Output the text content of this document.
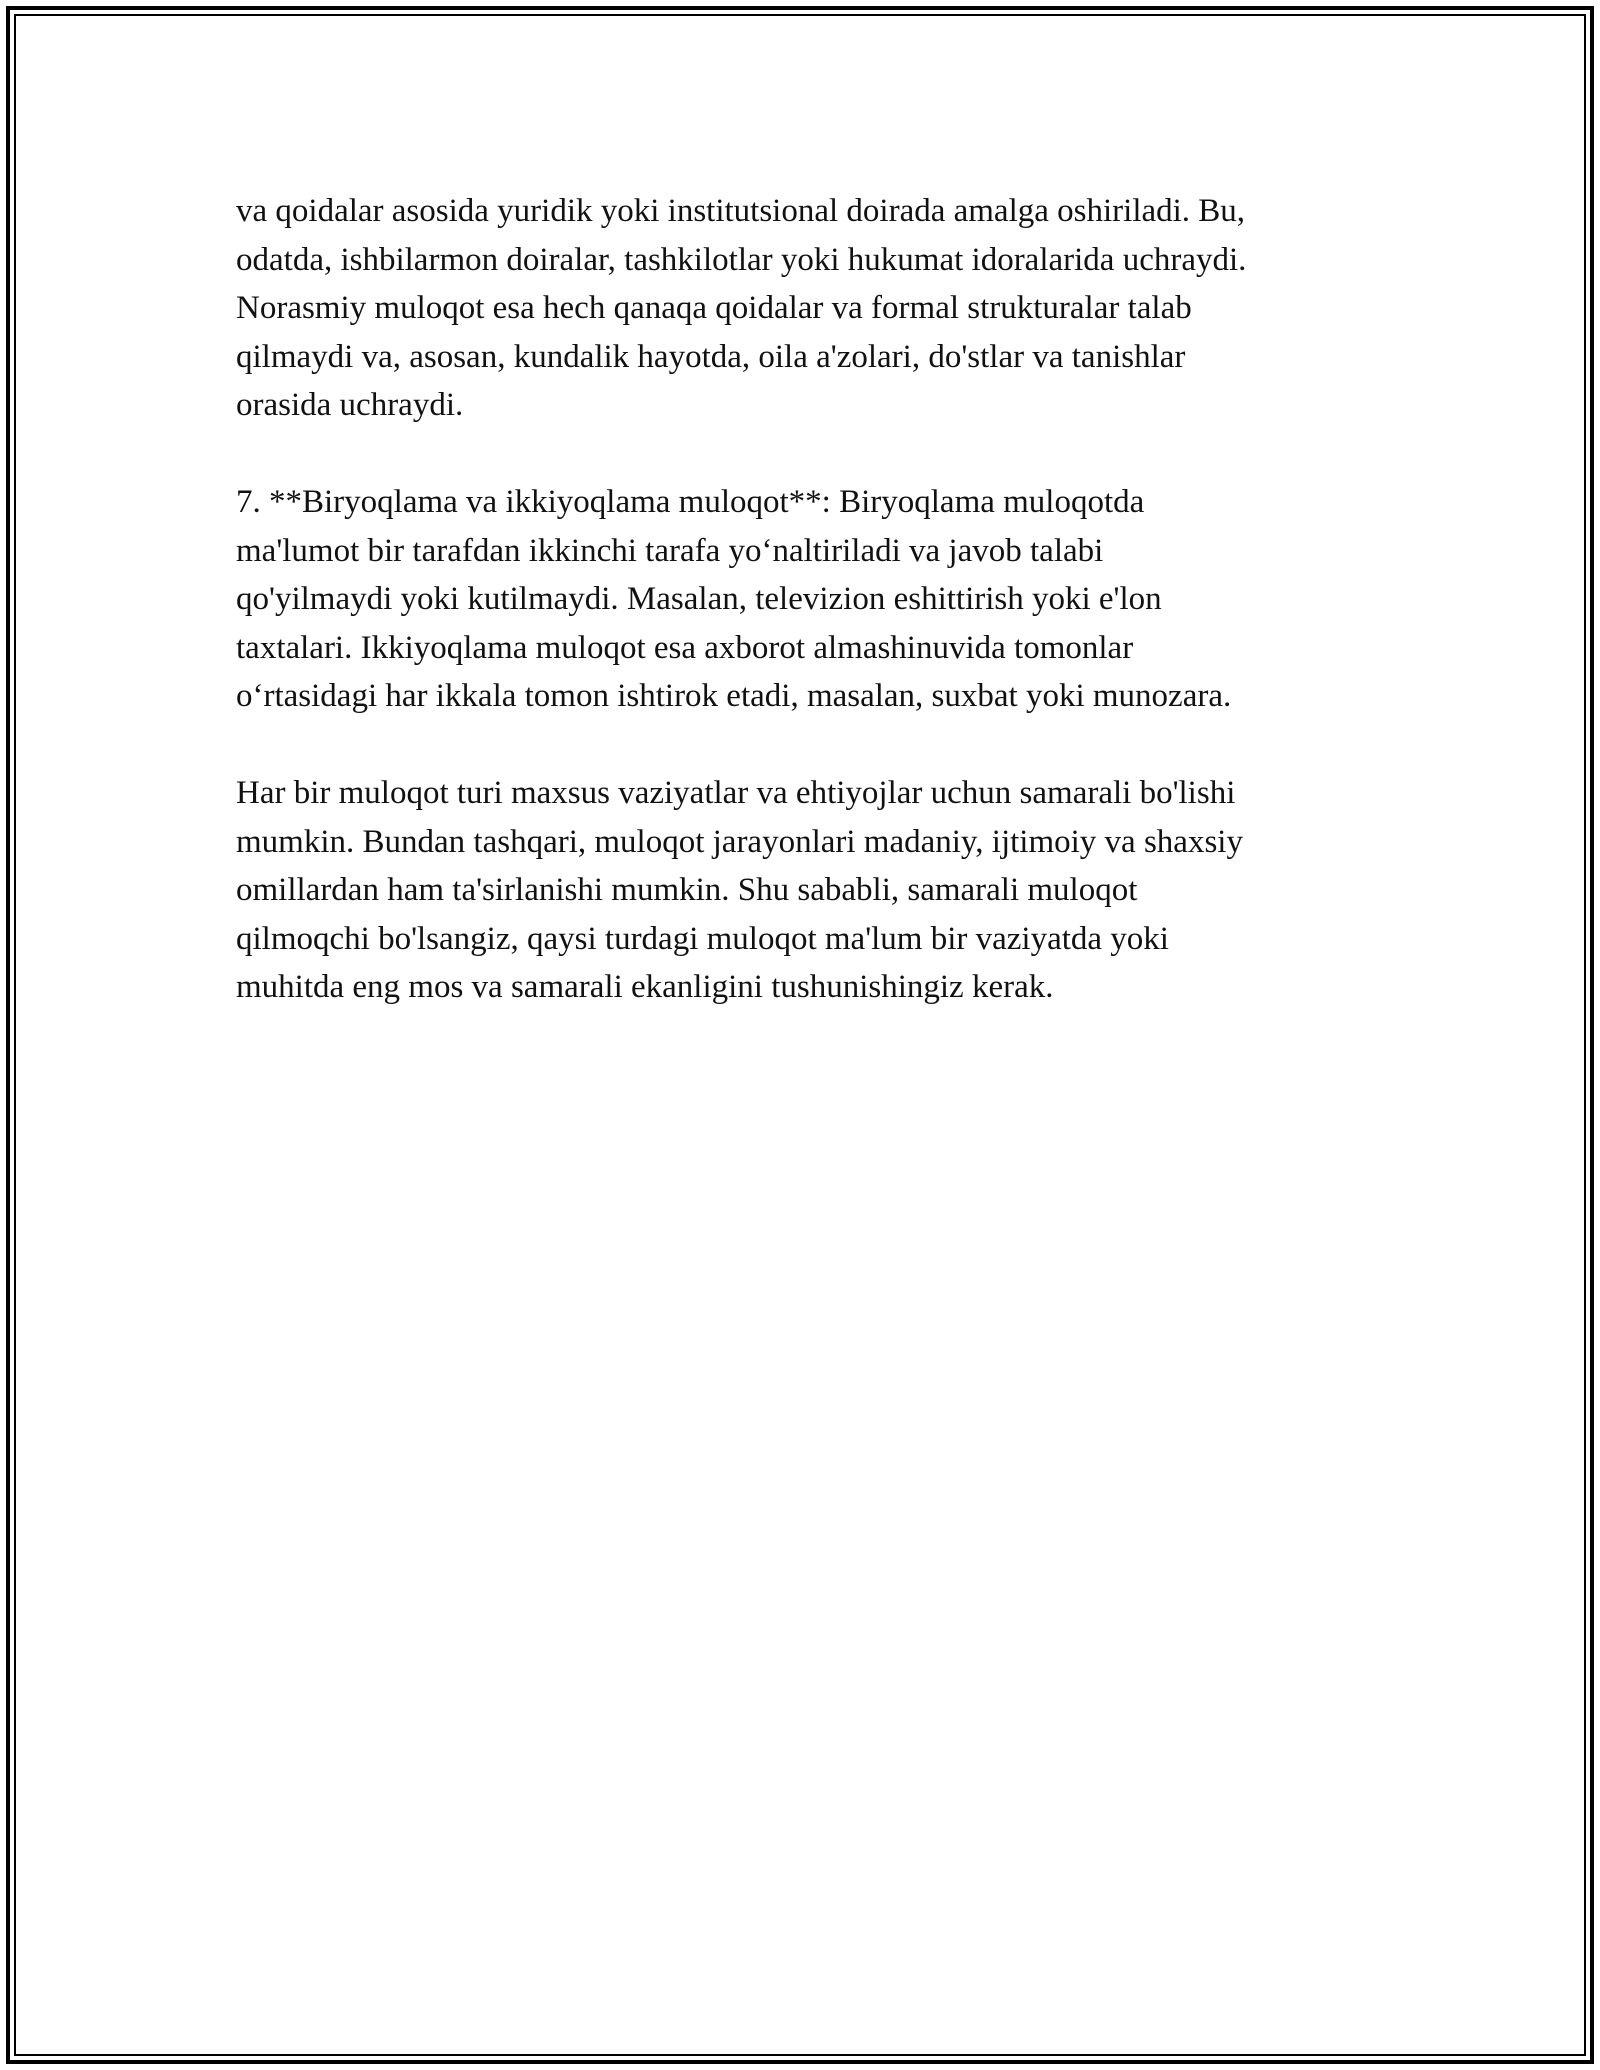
va qoidalar asosida yuridik yoki institutsional doirada amalga oshiriladi. Bu,
odatda, ishbilarmon doiralar, tashkilotlar yoki hukumat idoralarida uchraydi.
Norasmiy muloqot esa hech qanaqa qoidalar va formal strukturalar talab
qilmaydi va, asosan, kundalik hayotda, oila a'zolari, do'stlar va tanishlar
orasida uchraydi.

7. **Biryoqlama va ikkiyoqlama muloqot**: Biryoqlama muloqotda
ma'lumot bir tarafdan ikkinchi tarafa yoʻnaltiriladi va javob talabi
qo'yilmaydi yoki kutilmaydi. Masalan, televizion eshittirish yoki e'lon
taxtalari. Ikkiyoqlama muloqot esa axborot almashinuvida tomonlar
oʻrtasidagi har ikkala tomon ishtirok etadi, masalan, suxbat yoki munozara.

Har bir muloqot turi maxsus vaziyatlar va ehtiyojlar uchun samarali bo'lishi
mumkin. Bundan tashqari, muloqot jarayonlari madaniy, ijtimoiy va shaxsiy
omillardan ham ta'sirlanishi mumkin. Shu sababli, samarali muloqot
qilmoqchi bo'lsangiz, qaysi turdagi muloqot ma'lum bir vaziyatda yoki
muhitda eng mos va samarali ekanligini tushunishingiz kerak.
